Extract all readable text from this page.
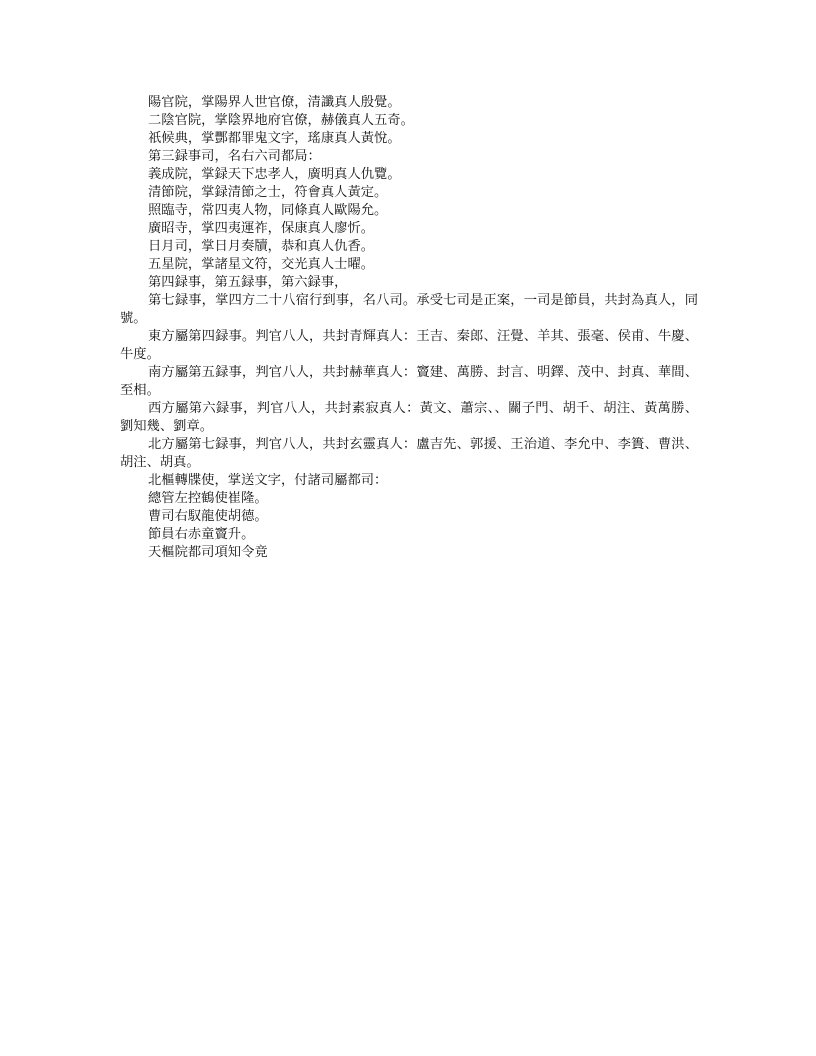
陽官院，掌陽界人世官僚，清讖真人殷覺。

二陰官院，掌陰界地府官僚，赫儀真人五奇。

祇候典，掌酆都罪鬼文字，瑤康真人黃悅。

第三録事司，名右六司都局：

義成院，掌録天下忠孝人，廣明真人仇覽。

清節院，掌録清節之士，符會真人黃定。

照臨寺，常四夷人物，同條真人歐陽允。

廣昭寺，掌四夷運祚，保康真人廖忻。

日月司，掌日月奏牘，恭和真人仇香。

五星院，掌諸星文符，交光真人士曜。

第四録事，第五録事，第六録事，

第七録事，掌四方二十八宿行到事，名八司。承受七司是正案，一司是節員，共封為真人，同號。

東方屬第四録事。判官八人，共封青輝真人：王吉、秦郎、汪覺、羊其、張毫、侯甫、牛慶、牛度。

南方屬第五録事，判官八人，共封赫華真人：竇建、萬勝、封言、明鐸、茂中、封真、華間、至相。

西方屬第六録事，判官八人，共封素寂真人：黃文、蕭宗、、關子門、胡千、胡注、黃萬勝、劉知幾、劉章。

北方屬第七録事，判官八人，共封玄靈真人：盧吉先、郭援、王治道、李允中、李簣、曹洪、胡注、胡真。

北樞轉牒使，掌送文字，付諸司屬都司：

總管左控鶴使崔隆。

曹司右馭龍使胡德。

節員右赤童竇升。

天樞院都司項知令竟
